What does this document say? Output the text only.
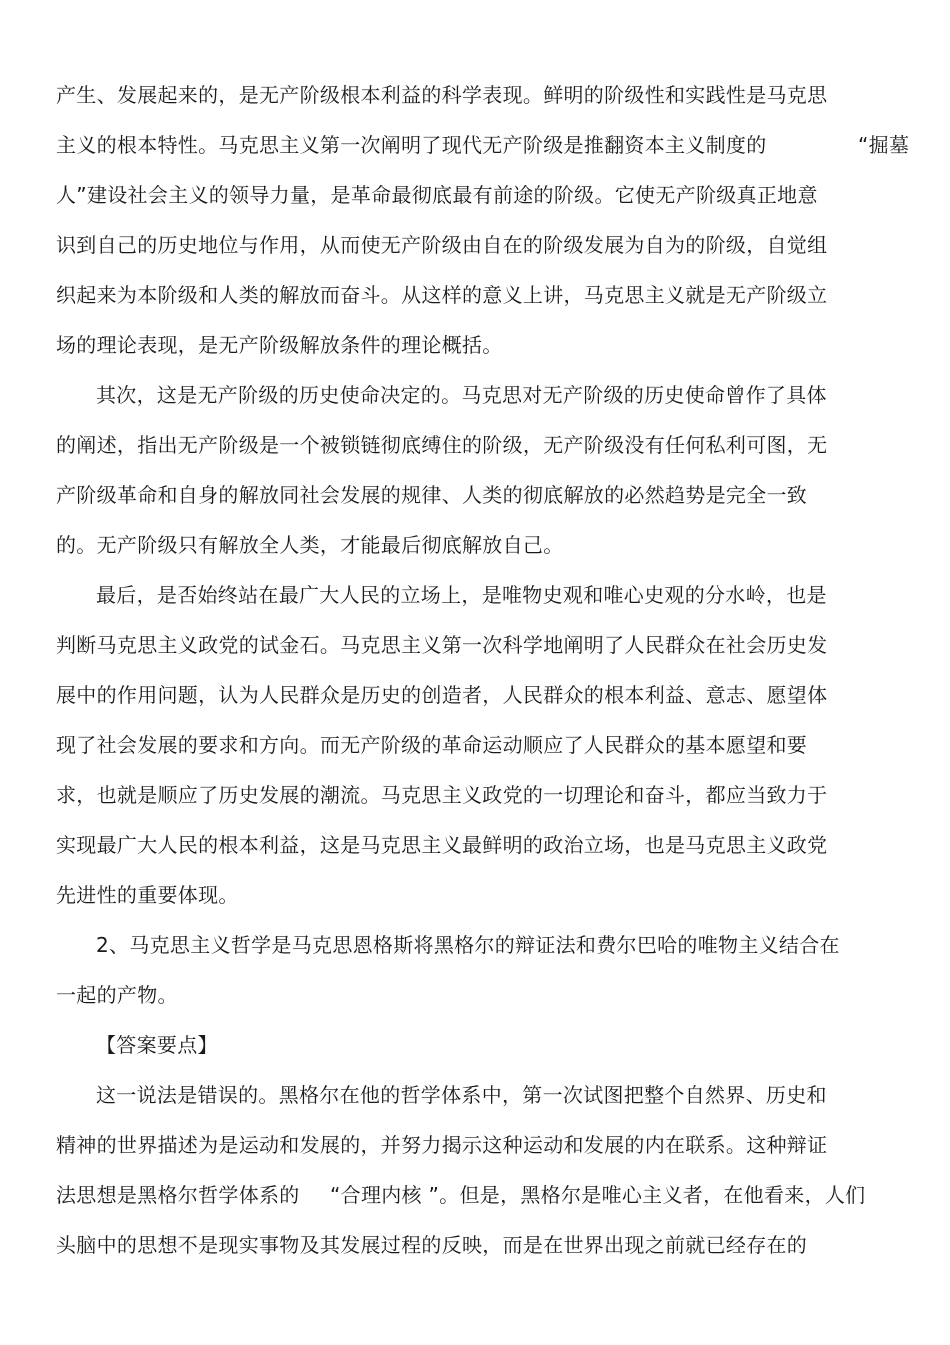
产生、发展起来的，是无产阶级根本利益的科学表现。鲜明的阶级性和实践性是马克思
主义的根本特性。马克思主义第一次阐明了现代无产阶级是推翻资本主义制度的	“掘墓
人”建设社会主义的领导力量，是革命最彻底最有前途的阶级。它使无产阶级真正地意
识到自己的历史地位与作用，从而使无产阶级由自在的阶级发展为自为的阶级，自觉组
织起来为本阶级和人类的解放而奋斗。从这样的意义上讲，马克思主义就是无产阶级立
场的理论表现，是无产阶级解放条件的理论概括。
其次，这是无产阶级的历史使命决定的。马克思对无产阶级的历史使命曾作了具体
的阐述，指出无产阶级是一个被锁链彻底缚住的阶级，无产阶级没有任何私利可图，无
产阶级革命和自身的解放同社会发展的规律、人类的彻底解放的必然趋势是完全一致
的。无产阶级只有解放全人类，才能最后彻底解放自己。
最后，是否始终站在最广大人民的立场上，是唯物史观和唯心史观的分水岭，也是
判断马克思主义政党的试金石。马克思主义第一次科学地阐明了人民群众在社会历史发
展中的作用问题，认为人民群众是历史的创造者，人民群众的根本利益、意志、愿望体
现了社会发展的要求和方向。而无产阶级的革命运动顺应了人民群众的基本愿望和要
求，也就是顺应了历史发展的潮流。马克思主义政党的一切理论和奋斗，都应当致力于
实现最广大人民的根本利益，这是马克思主义最鲜明的政治立场，也是马克思主义政党
先进性的重要体现。
2、马克思主义哲学是马克思恩格斯将黑格尔的辩证法和费尔巴哈的唯物主义结合在
一起的产物。
【答案要点】
这一说法是错误的。黑格尔在他的哲学体系中，第一次试图把整个自然界、历史和
精神的世界描述为是运动和发展的，并努力揭示这种运动和发展的内在联系。这种辩证
法思想是黑格尔哲学体系的 “合理内核 ”。但是，黑格尔是唯心主义者，在他看来，人们
头脑中的思想不是现实事物及其发展过程的反映，而是在世界出现之前就已经存在的
